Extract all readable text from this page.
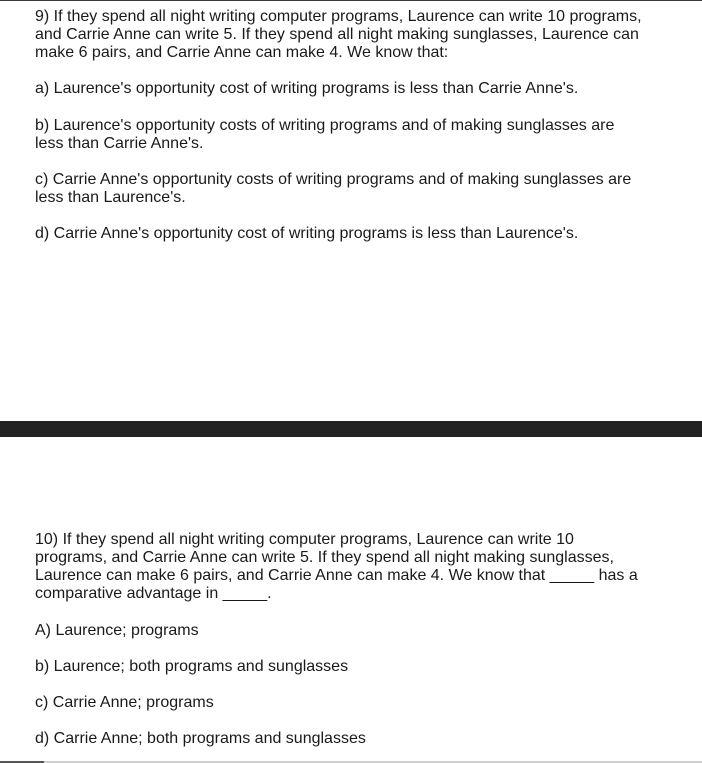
9) If they spend all night writing computer programs, Laurence can write 10 programs, and Carrie Anne can write 5. If they spend all night making sunglasses, Laurence can make 6 pairs, and Carrie Anne can make 4. We know that:

a) Laurence's opportunity cost of writing programs is less than Carrie Anne's.

b) Laurence's opportunity costs of writing programs and of making sunglasses are less than Carrie Anne's.

c) Carrie Anne's opportunity costs of writing programs and of making sunglasses are less than Laurence's.

d) Carrie Anne's opportunity cost of writing programs is less than Laurence's.

10) If they spend all night writing computer programs, Laurence can write 10 programs, and Carrie Anne can write 5. If they spend all night making sunglasses, Laurence can make 6 pairs, and Carrie Anne can make 4. We know that _____ has a comparative advantage in _____.

A) Laurence; programs

b) Laurence; both programs and sunglasses

c) Carrie Anne; programs

d) Carrie Anne; both programs and sunglasses
